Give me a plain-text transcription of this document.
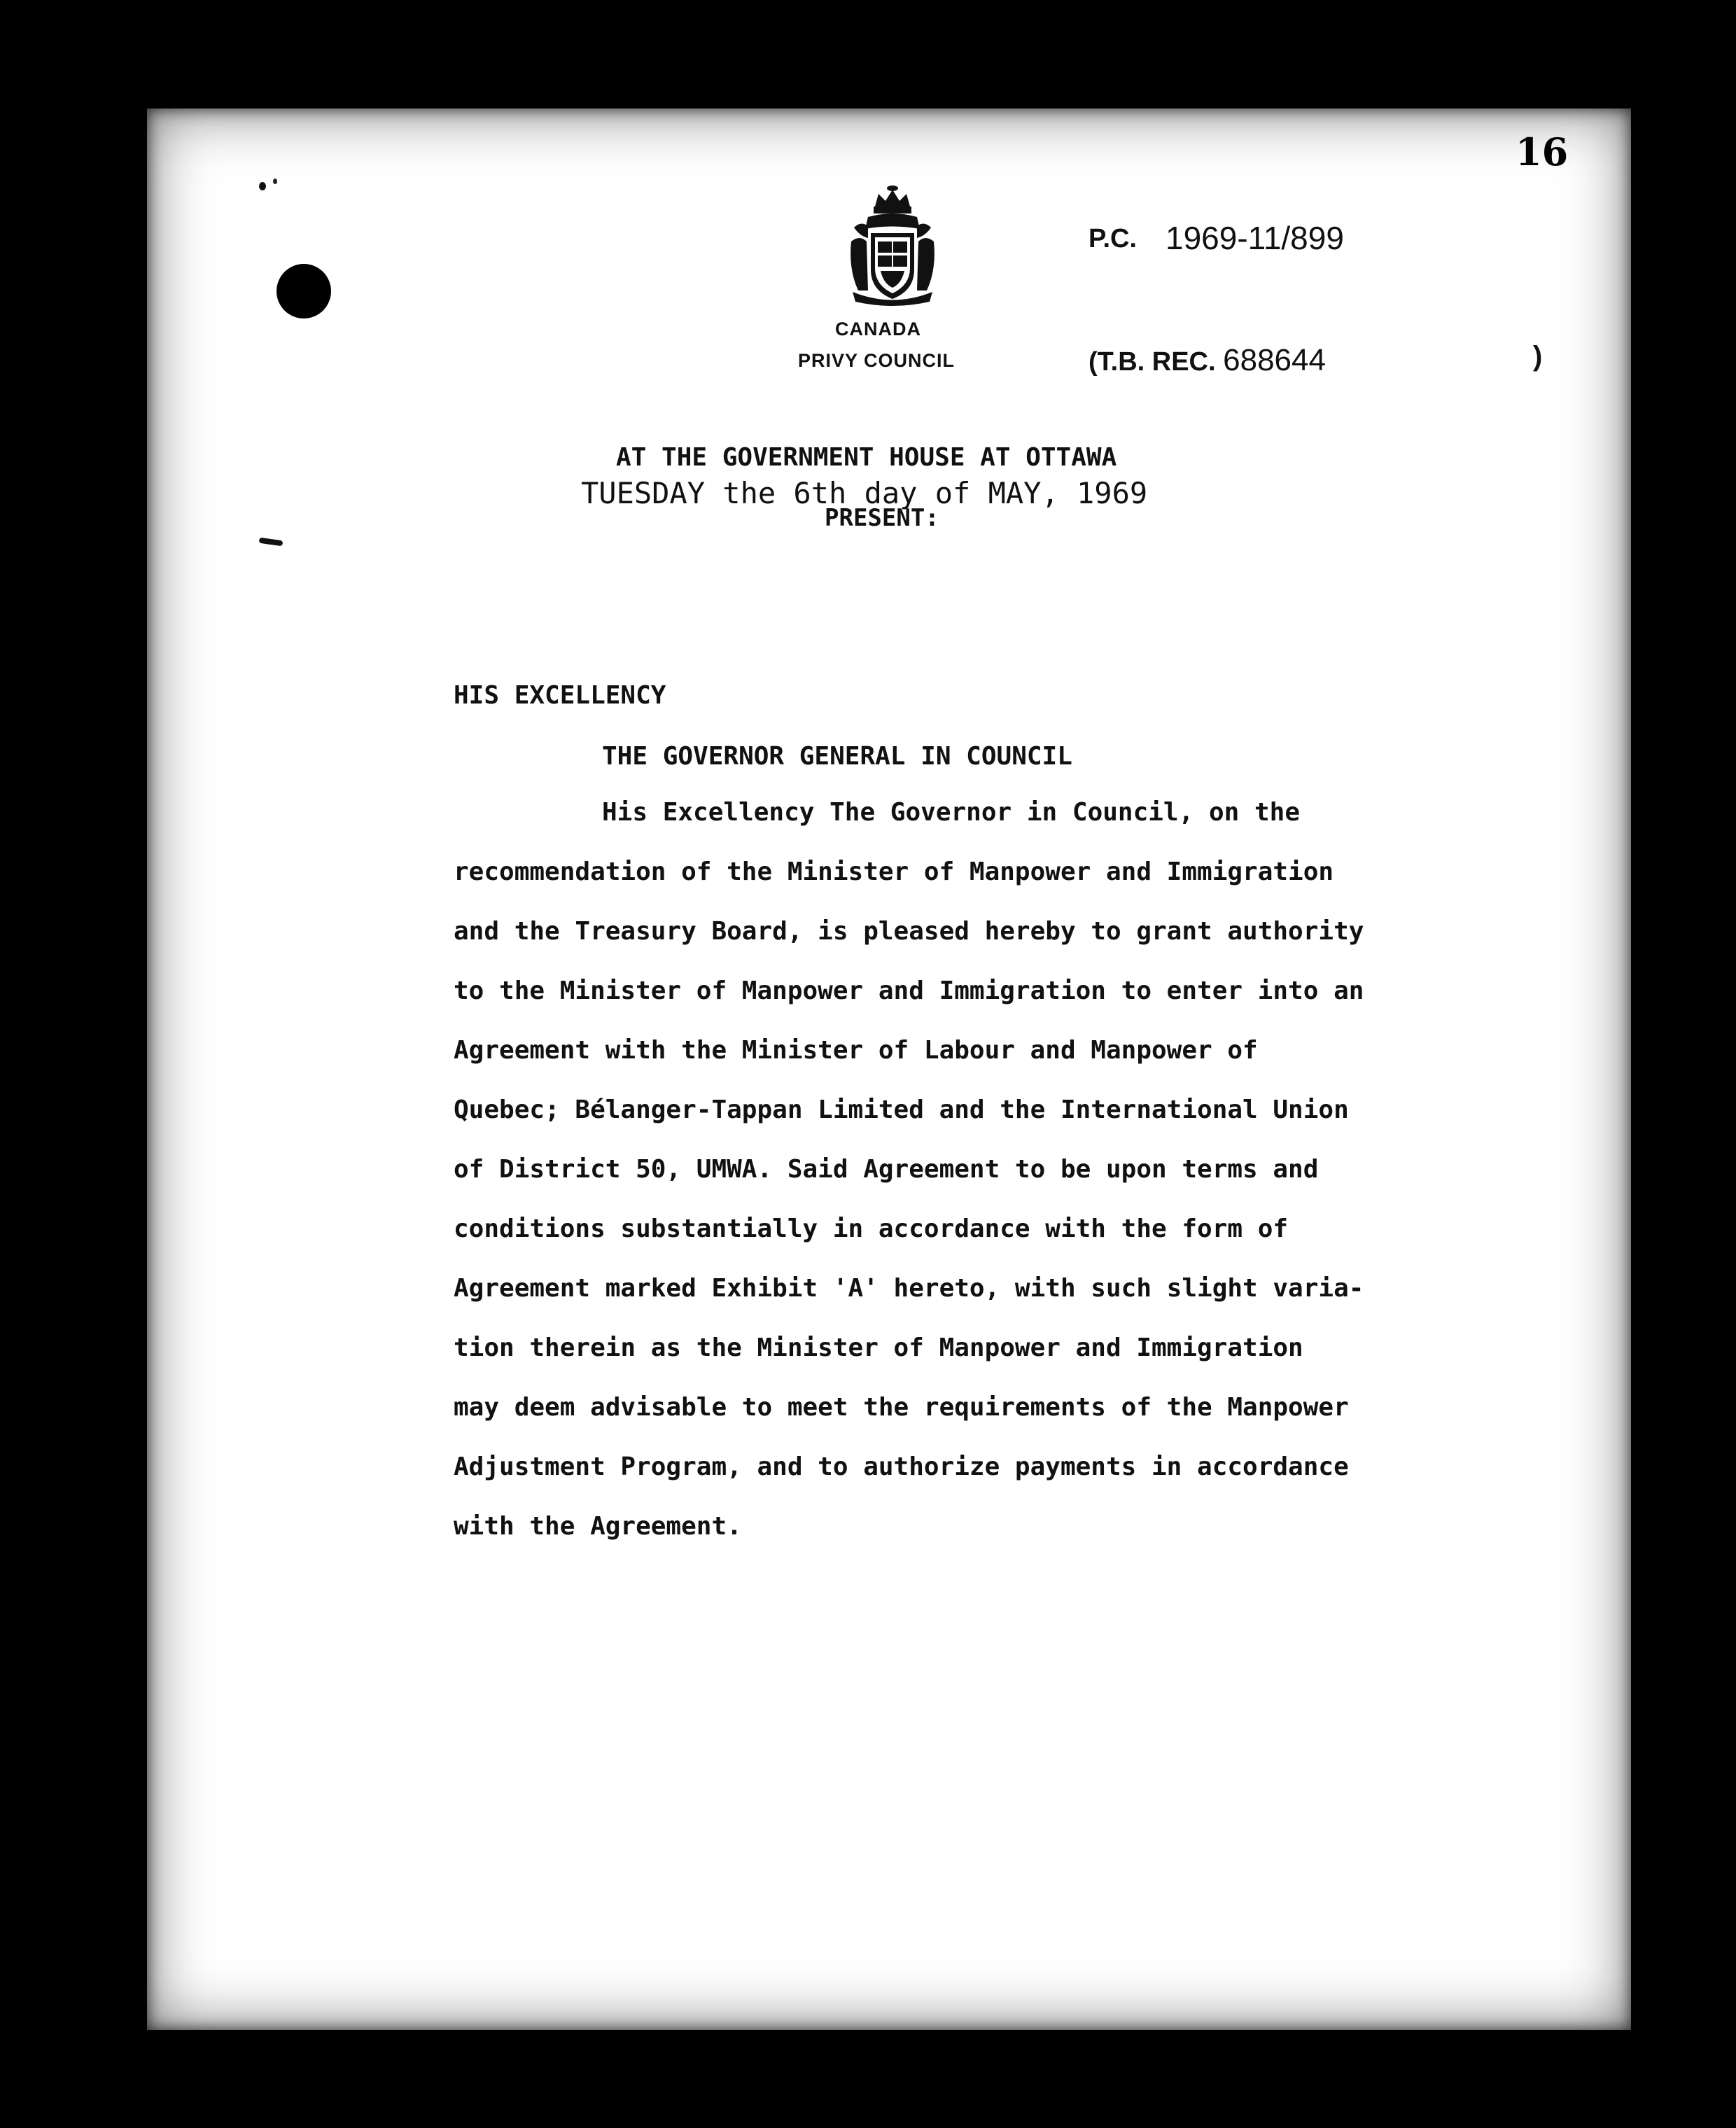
16
CANADA
PRIVY COUNCIL
P.C. 1969-11/899
(T.B. REC. 688644	)
AT THE GOVERNMENT HOUSE AT OTTAWA
TUESDAY the 6th day of MAY, 1969
PRESENT:
HIS EXCELLENCY
THE GOVERNOR GENERAL IN COUNCIL
His Excellency The Governor in Council, on the
recommendation of the Minister of Manpower and Immigration
and the Treasury Board, is pleased hereby to grant authority
to the Minister of Manpower and Immigration to enter into an
Agreement with the Minister of Labour and Manpower of
Quebec; Bélanger-Tappan Limited and the International Union
of District 50, UMWA. Said Agreement to be upon terms and
conditions substantially in accordance with the form of
Agreement marked Exhibit 'A' hereto, with such slight varia-
tion therein as the Minister of Manpower and Immigration
may deem advisable to meet the requirements of the Manpower
Adjustment Program, and to authorize payments in accordance
with the Agreement.
